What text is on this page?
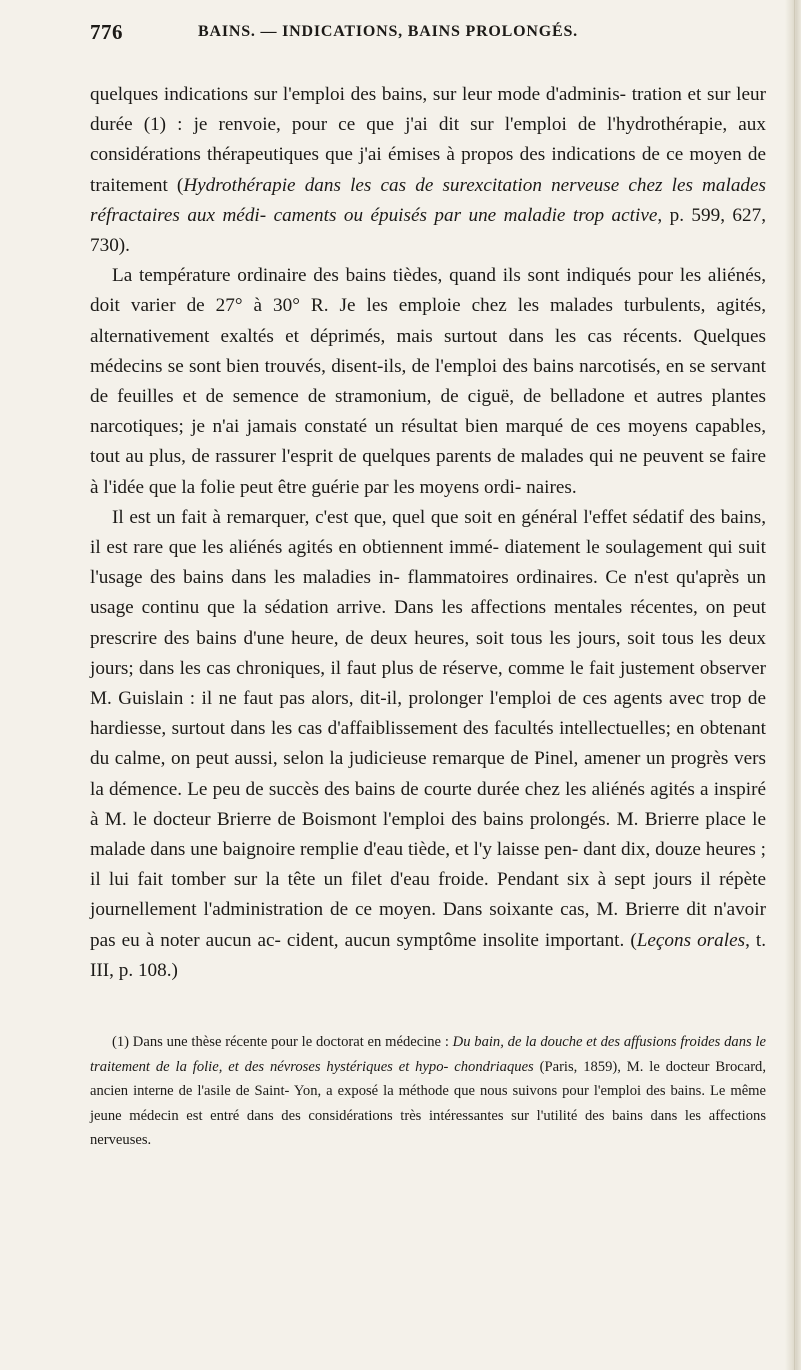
776	BAINS. — INDICATIONS, BAINS PROLONGÉS.

quelques indications sur l'emploi des bains, sur leur mode d'adminis- tration et sur leur durée (1) : je renvoie, pour ce que j'ai dit sur l'emploi de l'hydrothérapie, aux considérations thérapeutiques que j'ai émises à propos des indications de ce moyen de traitement (Hydrothérapie dans les cas de surexcitation nerveuse chez les malades réfractaires aux médi- caments ou épuisés par une maladie trop active, p. 599, 627, 730).

La température ordinaire des bains tièdes, quand ils sont indiqués pour les aliénés, doit varier de 27° à 30° R. Je les emploie chez les malades turbulents, agités, alternativement exaltés et déprimés, mais surtout dans les cas récents. Quelques médecins se sont bien trouvés, disent-ils, de l'emploi des bains narcotisés, en se servant de feuilles et de semence de stramonium, de ciguë, de belladone et autres plantes narcotiques; je n'ai jamais constaté un résultat bien marqué de ces moyens capables, tout au plus, de rassurer l'esprit de quelques parents de malades qui ne peuvent se faire à l'idée que la folie peut être guérie par les moyens ordi- naires.

Il est un fait à remarquer, c'est que, quel que soit en général l'effet sédatif des bains, il est rare que les aliénés agités en obtiennent immé- diatement le soulagement qui suit l'usage des bains dans les maladies in- flammatoires ordinaires. Ce n'est qu'après un usage continu que la sédation arrive. Dans les affections mentales récentes, on peut prescrire des bains d'une heure, de deux heures, soit tous les jours, soit tous les deux jours; dans les cas chroniques, il faut plus de réserve, comme le fait justement observer M. Guislain : il ne faut pas alors, dit-il, prolonger l'emploi de ces agents avec trop de hardiesse, surtout dans les cas d'affaiblissement des facultés intellectuelles; en obtenant du calme, on peut aussi, selon la judicieuse remarque de Pinel, amener un progrès vers la démence. Le peu de succès des bains de courte durée chez les aliénés agités a inspiré à M. le docteur Brierre de Boismont l'emploi des bains prolongés. M. Brierre place le malade dans une baignoire remplie d'eau tiède, et l'y laisse pen- dant dix, douze heures ; il lui fait tomber sur la tête un filet d'eau froide. Pendant six à sept jours il répète journellement l'administration de ce moyen. Dans soixante cas, M. Brierre dit n'avoir pas eu à noter aucun ac- cident, aucun symptôme insolite important. (Leçons orales, t. III, p. 108.)

(1) Dans une thèse récente pour le doctorat en médecine : Du bain, de la douche et des affusions froides dans le traitement de la folie, et des névroses hystériques et hypo- chondriaques (Paris, 1859), M. le docteur Brocard, ancien interne de l'asile de Saint- Yon, a exposé la méthode que nous suivons pour l'emploi des bains. Le même jeune médecin est entré dans des considérations très intéressantes sur l'utilité des bains dans les affections nerveuses.
